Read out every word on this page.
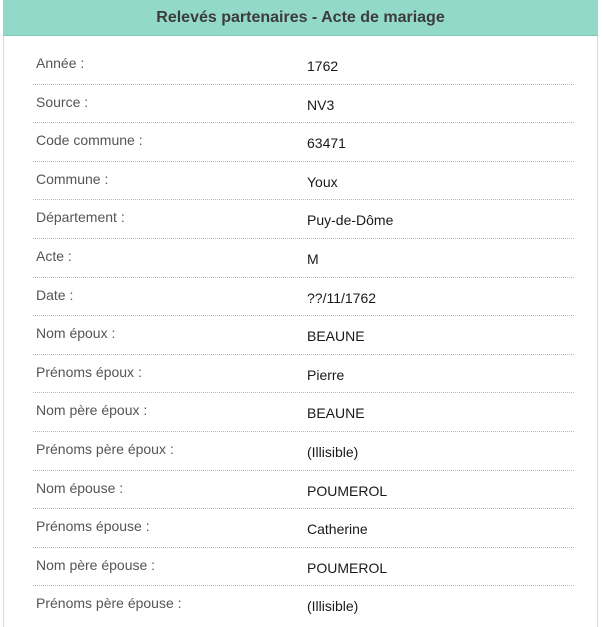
Relevés partenaires - Acte de mariage
Année :	1762
Source :	NV3
Code commune :	63471
Commune :	Youx
Département :	Puy-de-Dôme
Acte :	M
Date :	??/11/1762
Nom époux :	BEAUNE
Prénoms époux :	Pierre
Nom père époux :	BEAUNE
Prénoms père époux :	(Illisible)
Nom épouse :	POUMEROL
Prénoms épouse :	Catherine
Nom père épouse :	POUMEROL
Prénoms père épouse :	(Illisible)
